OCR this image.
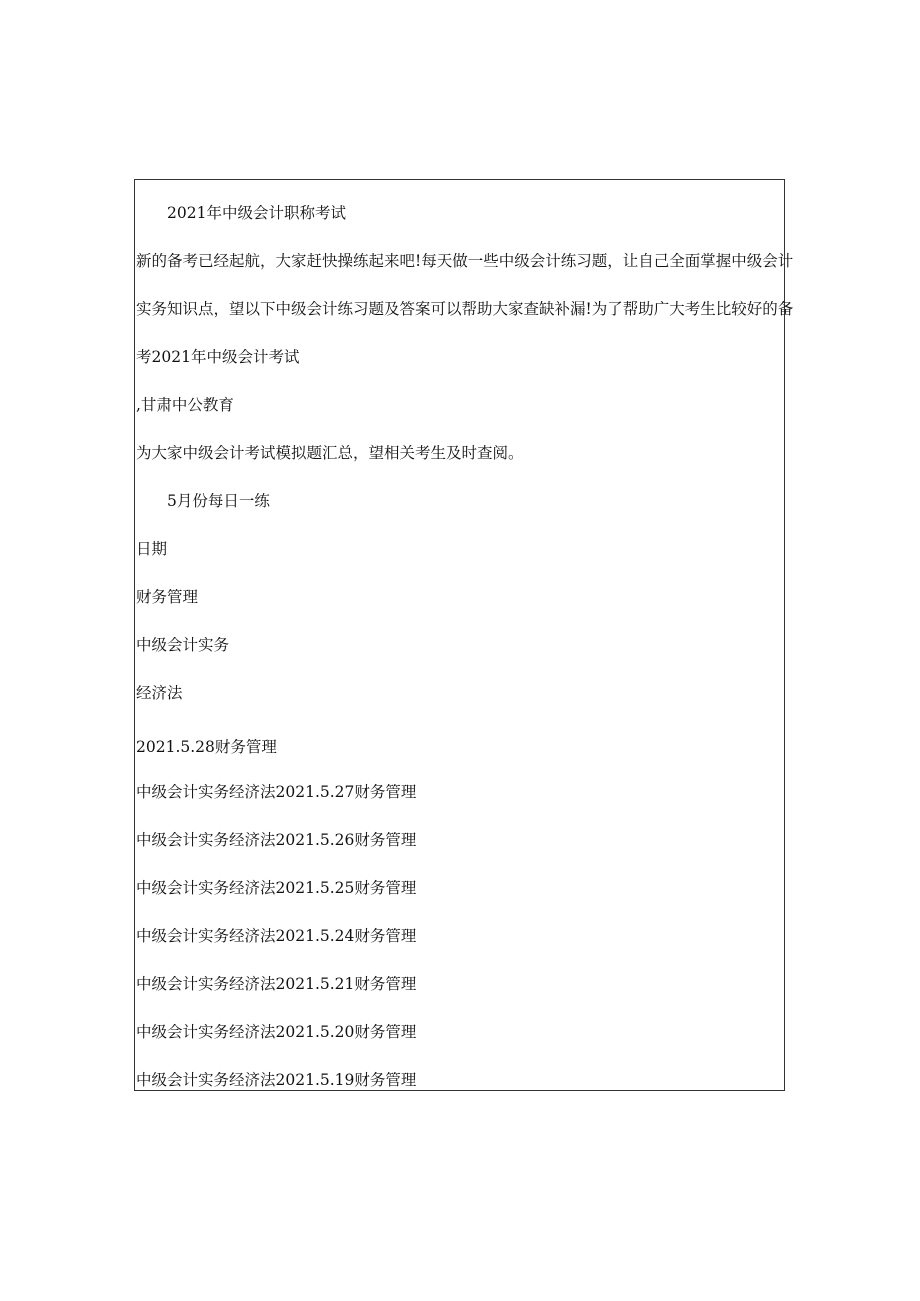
2021年中级会计职称考试
新的备考已经起航，大家赶快操练起来吧!每天做一些中级会计练习题，让自己全面掌握中级会计
实务知识点，望以下中级会计练习题及答案可以帮助大家查缺补漏!为了帮助广大考生比较好的备
考2021年中级会计考试
,甘肃中公教育
为大家中级会计考试模拟题汇总，望相关考生及时查阅。
5月份每日一练
日期
财务管理
中级会计实务
经济法
2021.5.28财务管理
中级会计实务经济法2021.5.27财务管理
中级会计实务经济法2021.5.26财务管理
中级会计实务经济法2021.5.25财务管理
中级会计实务经济法2021.5.24财务管理
中级会计实务经济法2021.5.21财务管理
中级会计实务经济法2021.5.20财务管理
中级会计实务经济法2021.5.19财务管理
